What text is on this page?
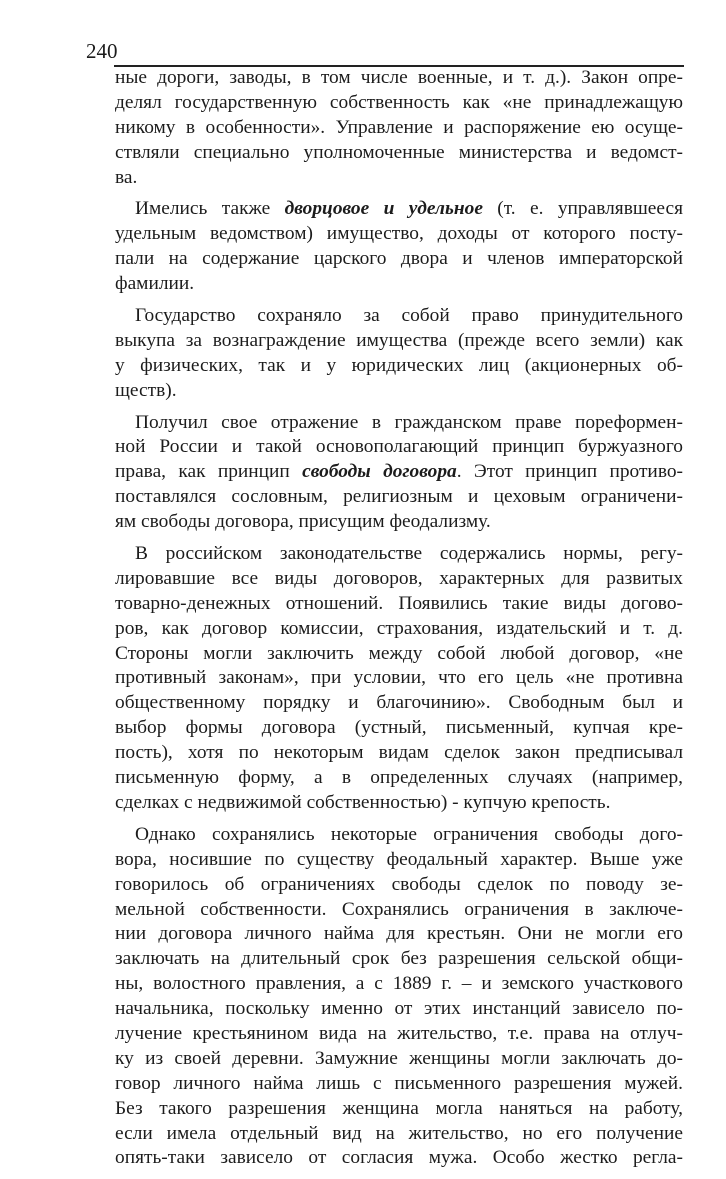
240
ные дороги, заводы, в том числе военные, и т. д.). Закон опре-
делял государственную собственность как «не принадлежащую
никому в особенности». Управление и распоряжение ею осуще-
ствляли специально уполномоченные министерства и ведомст-
ва.
Имелись также дворцовое и удельное (т. е. управлявшееся
удельным ведомством) имущество, доходы от которого посту-
пали на содержание царского двора и членов императорской
фамилии.
Государство сохраняло за собой право принудительного
выкупа за вознаграждение имущества (прежде всего земли) как
у физических, так и у юридических лиц (акционерных об-
ществ).
Получил свое отражение в гражданском праве пореформен-
ной России и такой основополагающий принцип буржуазного
права, как принцип свободы договора. Этот принцип противо-
поставлялся сословным, религиозным и цеховым ограничени-
ям свободы договора, присущим феодализму.
В российском законодательстве содержались нормы, регу-
лировавшие все виды договоров, характерных для развитых
товарно-денежных отношений. Появились такие виды догово-
ров, как договор комиссии, страхования, издательский и т. д.
Стороны могли заключить между собой любой договор, «не
противный законам», при условии, что его цель «не противна
общественному порядку и благочинию». Свободным был и
выбор формы договора (устный, письменный, купчая кре-
пость), хотя по некоторым видам сделок закон предписывал
письменную форму, а в определенных случаях (например,
сделках с недвижимой собственностью) - купчую крепость.
Однако сохранялись некоторые ограничения свободы дого-
вора, носившие по существу феодальный характер. Выше уже
говорилось об ограничениях свободы сделок по поводу зе-
мельной собственности. Сохранялись ограничения в заключе-
нии договора личного найма для крестьян. Они не могли его
заключать на длительный срок без разрешения сельской общи-
ны, волостного правления, а с 1889 г. – и земского участкового
начальника, поскольку именно от этих инстанций зависело по-
лучение крестьянином вида на жительство, т.е. права на отлуч-
ку из своей деревни. Замужние женщины могли заключать до-
говор личного найма лишь с письменного разрешения мужей.
Без такого разрешения женщина могла наняться на работу,
если имела отдельный вид на жительство, но его получение
опять-таки зависело от согласия мужа. Особо жестко регла-
